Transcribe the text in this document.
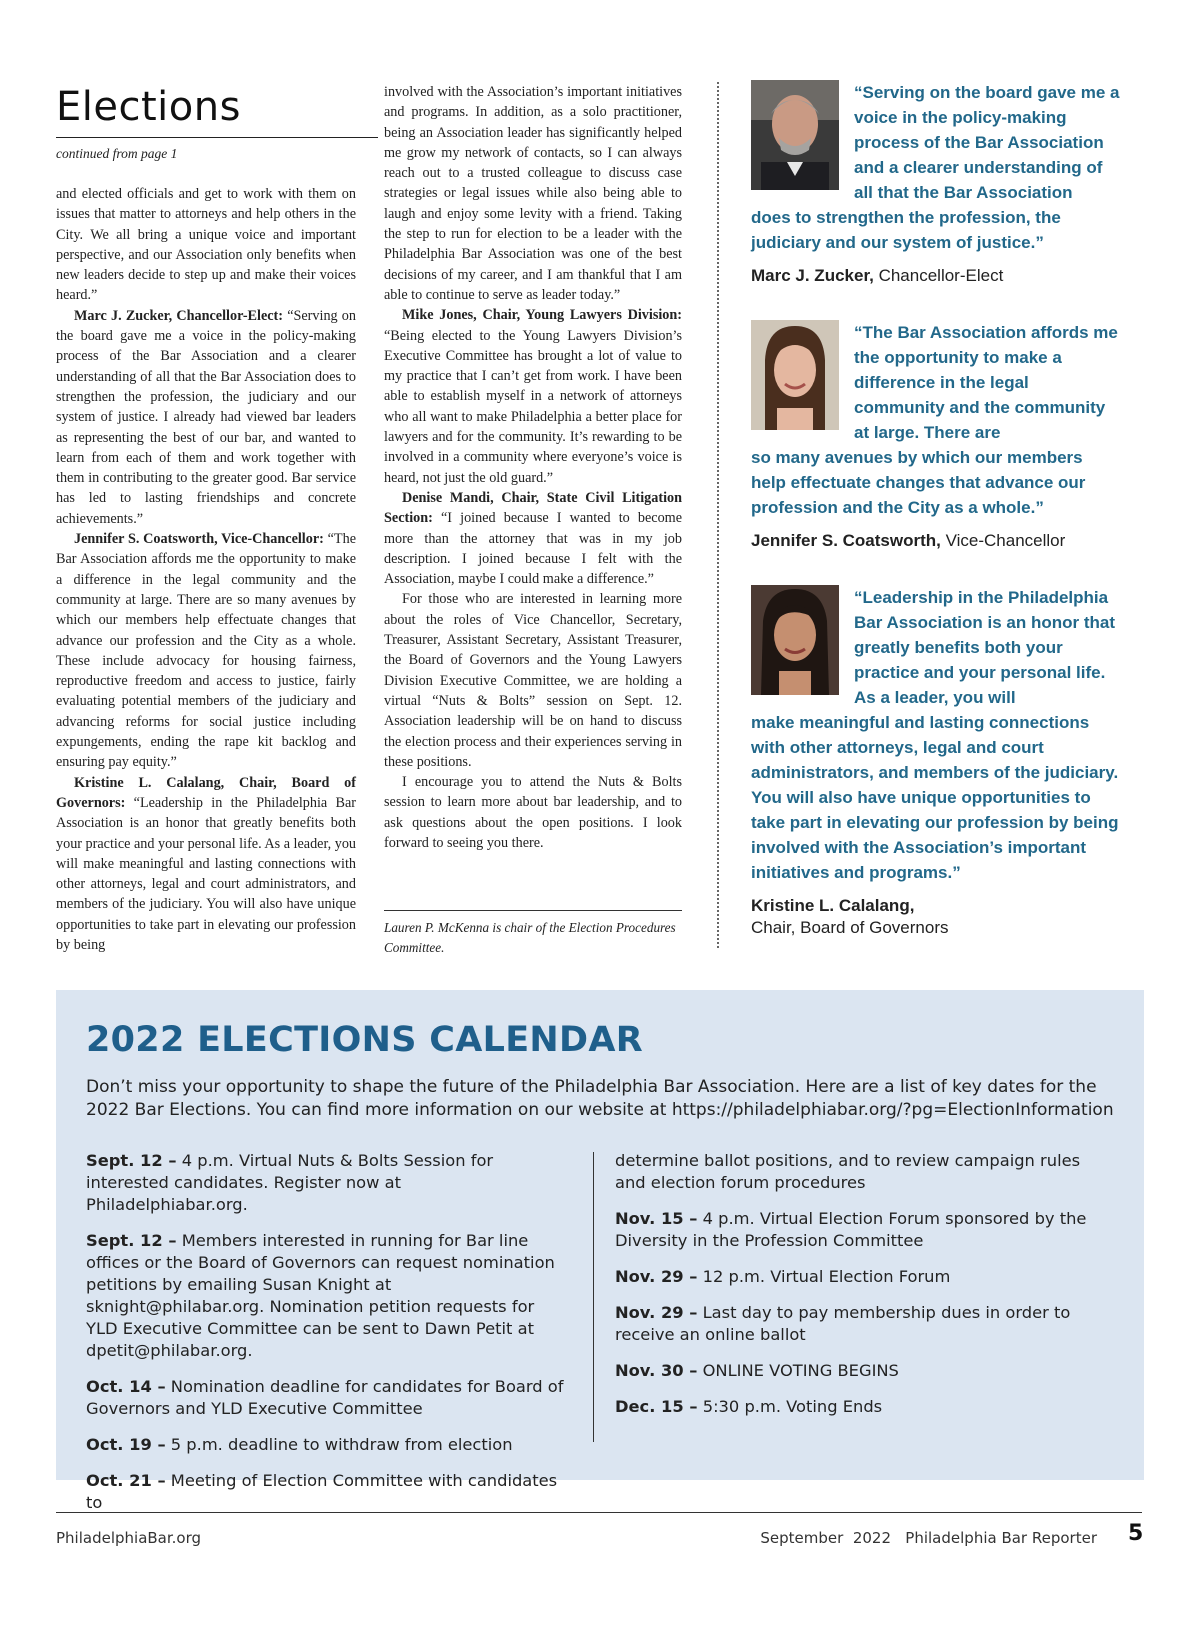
Elections
continued from page 1

and elected officials and get to work with them on issues that matter to attorneys and help others in the City. We all bring a unique voice and important perspective, and our Association only benefits when new leaders decide to step up and make their voices heard.”

Marc J. Zucker, Chancellor-Elect: “Serving on the board gave me a voice in the policy-making process of the Bar Association and a clearer understanding of all that the Bar Association does to strengthen the profession, the judiciary and our system of justice. I already had viewed bar leaders as representing the best of our bar, and wanted to learn from each of them and work together with them in contributing to the greater good. Bar service has led to lasting friendships and concrete achievements.”

Jennifer S. Coatsworth, Vice-Chancellor: “The Bar Association affords me the opportunity to make a difference in the legal community and the community at large. There are so many avenues by which our members help effectuate changes that advance our profession and the City as a whole. These include advocacy for housing fairness, reproductive freedom and access to justice, fairly evaluating potential members of the judiciary and advancing reforms for social justice including expungements, ending the rape kit backlog and ensuring pay equity.”

Kristine L. Calalang, Chair, Board of Governors: “Leadership in the Philadelphia Bar Association is an honor that greatly benefits both your practice and your personal life. As a leader, you will make meaningful and lasting connections with other attorneys, legal and court administrators, and members of the judiciary. You will also have unique opportunities to take part in elevating our profession by being

involved with the Association’s important initiatives and programs. In addition, as a solo practitioner, being an Association leader has significantly helped me grow my network of contacts, so I can always reach out to a trusted colleague to discuss case strategies or legal issues while also being able to laugh and enjoy some levity with a friend. Taking the step to run for election to be a leader with the Philadelphia Bar Association was one of the best decisions of my career, and I am thankful that I am able to continue to serve as leader today.”

Mike Jones, Chair, Young Lawyers Division: “Being elected to the Young Lawyers Division’s Executive Committee has brought a lot of value to my practice that I can’t get from work. I have been able to establish myself in a network of attorneys who all want to make Philadelphia a better place for lawyers and for the community. It’s rewarding to be involved in a community where everyone’s voice is heard, not just the old guard.”

Denise Mandi, Chair, State Civil Litigation Section: “I joined because I wanted to become more than the attorney that was in my job description. I joined because I felt with the Association, maybe I could make a difference.”

For those who are interested in learning more about the roles of Vice Chancellor, Secretary, Treasurer, Assistant Secretary, Assistant Treasurer, the Board of Governors and the Young Lawyers Division Executive Committee, we are holding a virtual “Nuts & Bolts” session on Sept. 12. Association leadership will be on hand to discuss the election process and their experiences serving in these positions.

I encourage you to attend the Nuts & Bolts session to learn more about bar leadership, and to ask questions about the open positions. I look forward to seeing you there.

Lauren P. McKenna is chair of the Election Procedures Committee.

“Serving on the board gave me a voice in the policy-making process of the Bar Association and a clearer understanding of all that the Bar Association
does to strengthen the profession, the judiciary and our system of justice.”

Marc J. Zucker, Chancellor-Elect

“The Bar Association affords me the opportunity to make a difference in the legal community and the community at large. There are
so many avenues by which our members help effectuate changes that advance our profession and the City as a whole.”

Jennifer S. Coatsworth, Vice-Chancellor

“Leadership in the Philadelphia Bar Association is an honor that greatly benefits both your practice and your personal life. As a leader, you will
make meaningful and lasting connections with other attorneys, legal and court administrators, and members of the judiciary. You will also have unique opportunities to take part in elevating our profession by being involved with the Association’s important initiatives and programs.”

Kristine L. Calalang,
Chair, Board of Governors
2022 ELECTIONS CALENDAR

Don’t miss your opportunity to shape the future of the Philadelphia Bar Association. Here are a list of key dates for the 2022 Bar Elections. You can find more information on our website at https://philadelphiabar.org/?pg=ElectionInformation

Sept. 12 – 4 p.m. Virtual Nuts & Bolts Session for interested candidates. Register now at Philadelphiabar.org.
Sept. 12 – Members interested in running for Bar line offices or the Board of Governors can request nomination petitions by emailing Susan Knight at sknight@philabar.org. Nomination petition requests for YLD Executive Committee can be sent to Dawn Petit at dpetit@philabar.org.
Oct. 14 – Nomination deadline for candidates for Board of Governors and YLD Executive Committee
Oct. 19 – 5 p.m. deadline to withdraw from election
Oct. 21 – Meeting of Election Committee with candidates to
determine ballot positions, and to review campaign rules and election forum procedures
Nov. 15 – 4 p.m. Virtual Election Forum sponsored by the Diversity in the Profession Committee
Nov. 29 – 12 p.m. Virtual Election Forum
Nov. 29 – Last day to pay membership dues in order to receive an online ballot
Nov. 30 – ONLINE VOTING BEGINS
Dec. 15 – 5:30 p.m. Voting Ends
PhiladelphiaBar.org	September  2022   Philadelphia Bar Reporter 5
